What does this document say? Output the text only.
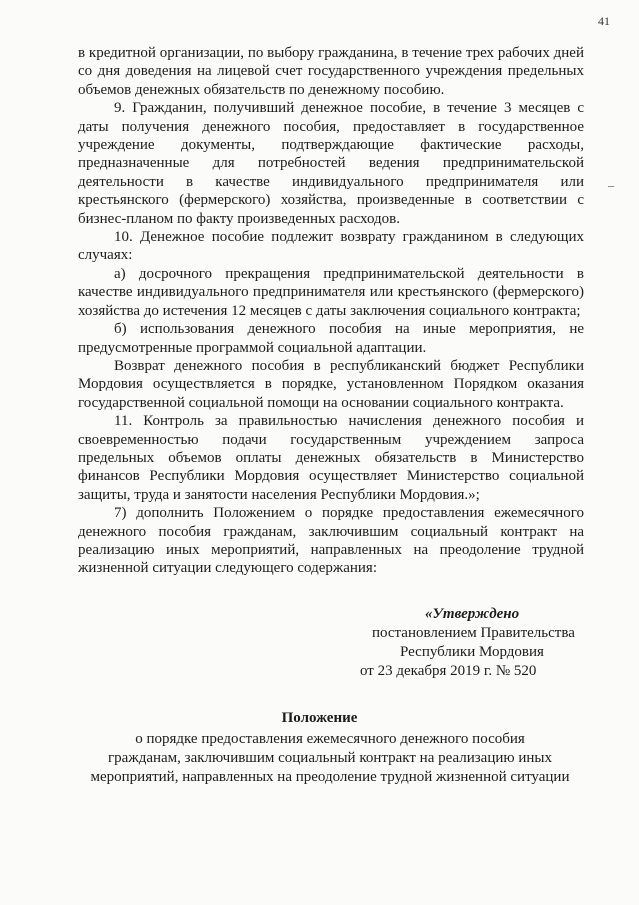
41
–

в кредитной организации, по выбору гражданина, в течение трех рабочих дней со дня доведения на лицевой счет государственного учреждения предельных объемов денежных обязательств по денежному пособию.

9. Гражданин, получивший денежное пособие, в течение 3 месяцев с даты получения денежного пособия, предоставляет в государственное учреждение документы, подтверждающие фактические расходы, предназначенные для потребностей ведения предпринимательской деятельности в качестве индивидуального предпринимателя или крестьянского (фермерского) хозяйства, произведенные в соответствии с бизнес-планом по факту произведенных расходов.

10. Денежное пособие подлежит возврату гражданином в следующих случаях:

а) досрочного прекращения предпринимательской деятельности в качестве индивидуального предпринимателя или крестьянского (фермерского) хозяйства до истечения 12 месяцев с даты заключения социального контракта;

б) использования денежного пособия на иные мероприятия, не предусмотренные программой социальной адаптации.

Возврат денежного пособия в республиканский бюджет Республики Мордовия осуществляется в порядке, установленном Порядком оказания государственной социальной помощи на основании социального контракта.

11. Контроль за правильностью начисления денежного пособия и своевременностью подачи государственным учреждением запроса предельных объемов оплаты денежных обязательств в Министерство финансов Республики Мордовия осуществляет Министерство социальной защиты, труда и занятости населения Республики Мордовия.»;

7) дополнить Положением о порядке предоставления ежемесячного денежного пособия гражданам, заключившим социальный контракт на реализацию иных мероприятий, направленных на преодоление трудной жизненной ситуации следующего содержания:

«Утверждено
постановлением Правительства
Республики Мордовия
от 23 декабря 2019 г. № 520
Положение
о порядке предоставления ежемесячного денежного пособия
гражданам, заключившим социальный контракт на реализацию иных
мероприятий, направленных на преодоление трудной жизненной ситуации
